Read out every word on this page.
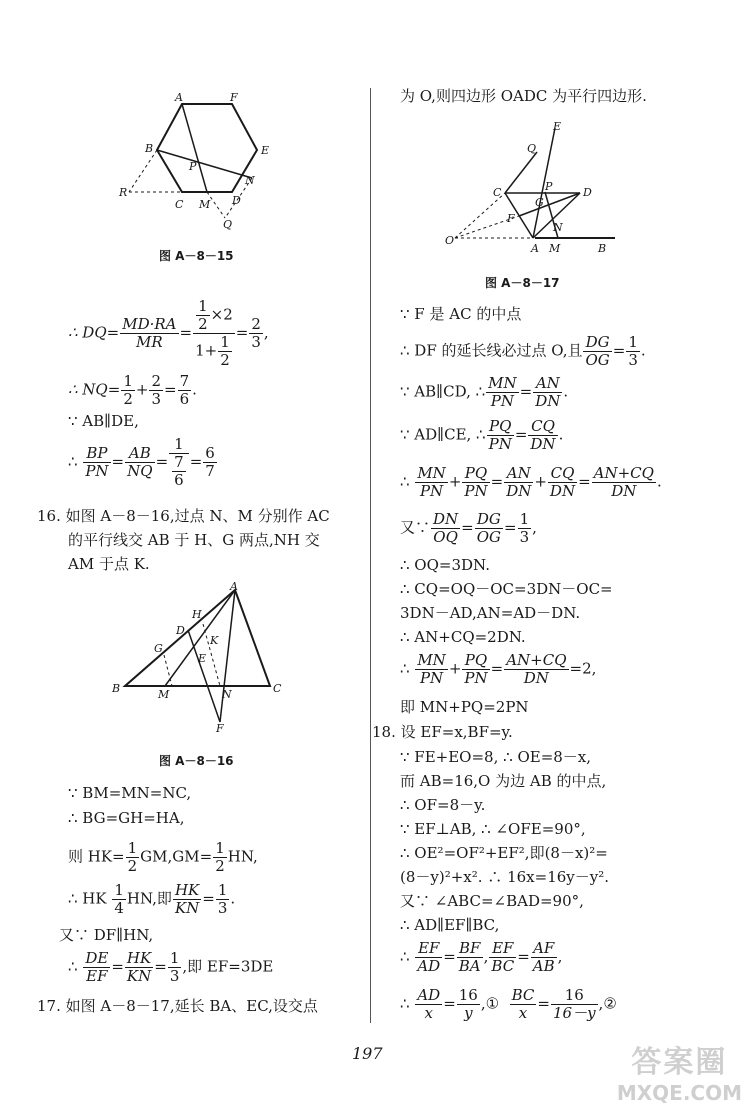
A	F
B	E
P
N
R
C M D
Q
图 A－8－15
∴ $DQ= \frac{MD\cdot RA}{MR} = \frac{\frac{1}{2} \times 2}{1+ \frac{1}{2}} = \frac{2}{3}$ ,
∴ $NQ= \frac{1}{2} + \frac{2}{3} = \frac{7}{6}$ .
∵ AB∥DE,
∴ $\frac{BP}{PN} = \frac{AB}{NQ} = \frac{1}{\frac{7}{6}} = \frac{6}{7}$
16. 如图 A－8－16,过点 N、M 分别作 AC
的平行线交 AB 于 H、G 两点,NH 交
AM 于点 K.
A
H
D
K
G
E
B	M	N	C
F
图 A－8－16
∵ BM=MN=NC,
∴ BG=GH=HA,
则 $HK= \frac{1}{2} GM,GM= \frac{1}{2}$ HN,
∴ HK $\frac{1}{4}$ HN,即 $\frac{HK}{KN} = \frac{1}{3}$ .
又∵ DF∥HN,
∴ $\frac{DE}{EF} = \frac{HK}{KN} = \frac{1}{3}$ ,即 EF=3DE
17. 如图 A－8－17,延长 BA、EC,设交点
为 O,则四边形 OADC 为平行四边形.
E
Q
C	P	D
G
F
N
O
A M	B
图 A－8－17
∵ F 是 AC 的中点
∴ DF 的延长线必过点 O,且 $\frac{DG}{OG} = \frac{1}{3}$ .
∵ AB∥CD, ∴ $\frac{MN}{PN} = \frac{AN}{DN}$ .
∵ AD∥CE, ∴ $\frac{PQ}{PN} = \frac{CQ}{DN}$ .
∴ $\frac{MN}{PN} + \frac{PQ}{PN} = \frac{AN}{DN} + \frac{CQ}{DN} = \frac{AN+CQ}{DN}$ .
又∵ $\frac{DN}{OQ} = \frac{DG}{OG} = \frac{1}{3}$ ,
∴ OQ=3DN.
∴ CQ=OQ－OC=3DN－OC=
3DN－AD,AN=AD－DN.
∴ AN+CQ=2DN.
∴ $\frac{MN}{PN} + \frac{PQ}{PN} = \frac{AN+CQ}{DN} =2$,
即 MN+PQ=2PN
18. 设 EF=x,BF=y.
∵ FE+EO=8, ∴ OE=8－x,
而 AB=16,O 为边 AB 的中点,
∴ OF=8－y.
∵ EF⊥AB, ∴ ∠OFE=90°,
∴ OE²=OF²+EF²,即(8－x)²=
(8－y)²+x². ∴ 16x=16y－y².
又∵ ∠ABC=∠BAD=90°,
∴ AD∥EF∥BC,
∴ $\frac{EF}{AD} = \frac{BF}{BA}$ , $\frac{EF}{BC} = \frac{AF}{AB}$ ,
∴ $\frac{AD}{x} = \frac{16}{y}$ ,① $\frac{BC}{x} = \frac{16}{16-y}$ ,②
197	答案圈
MXQE.COM
